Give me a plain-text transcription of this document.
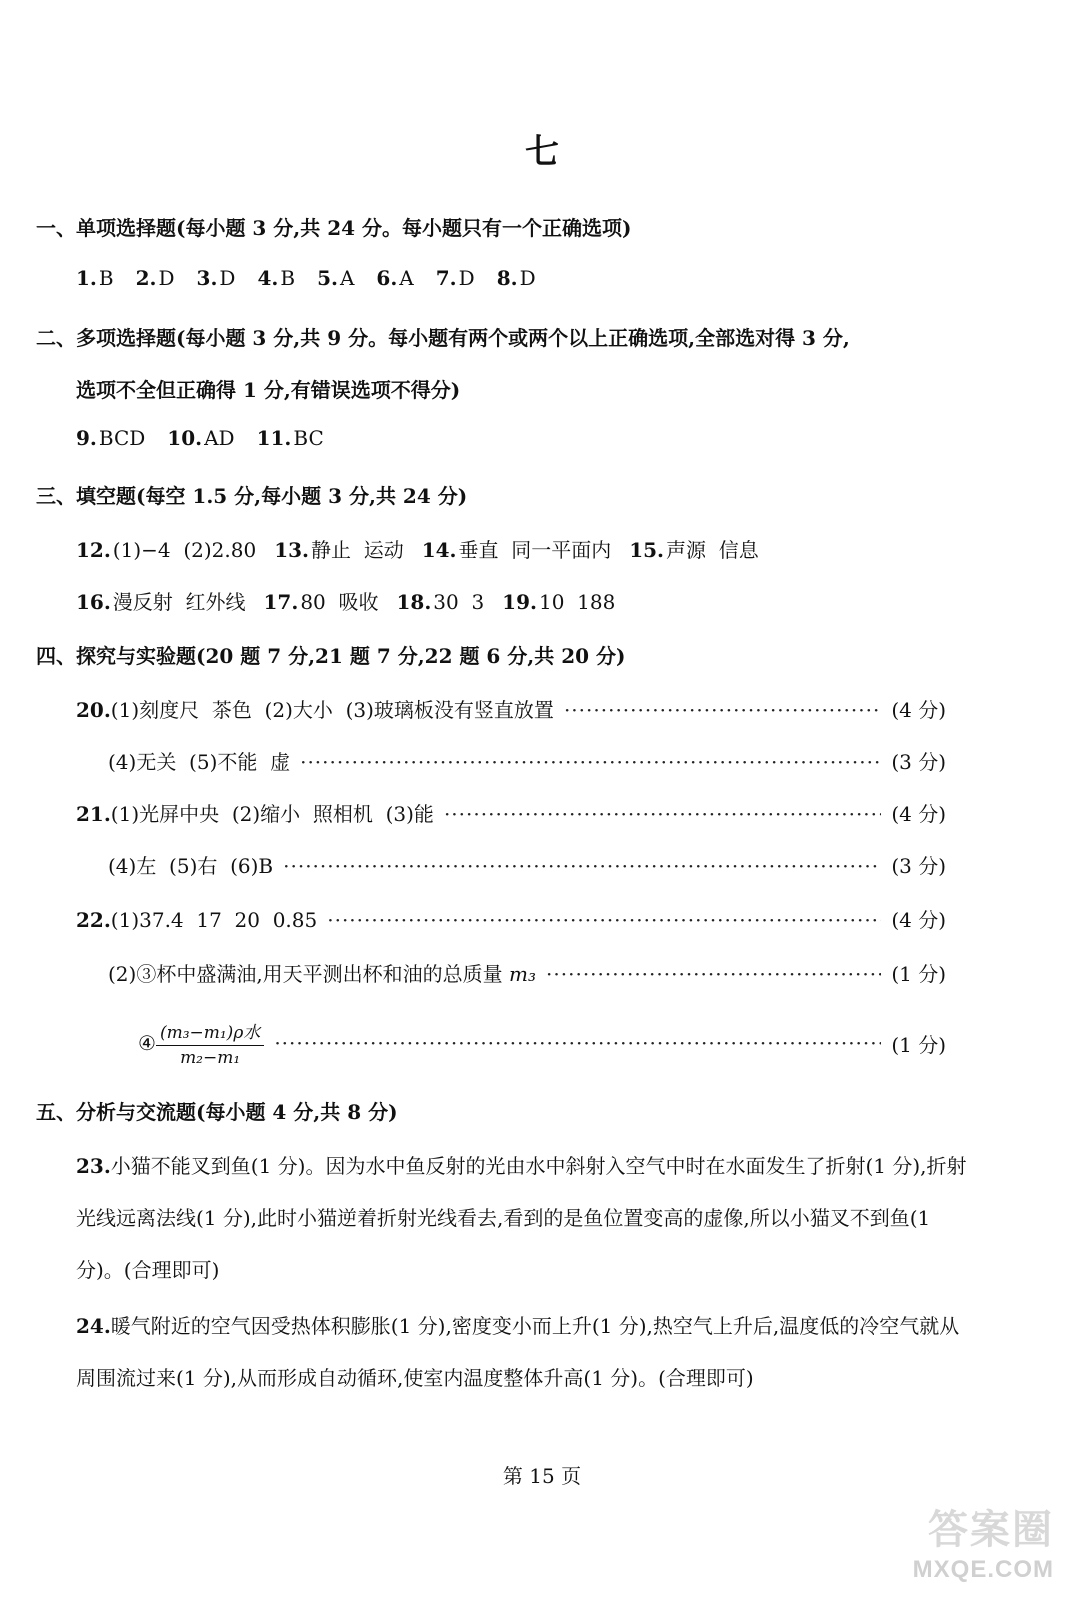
七
一、单项选择题(每小题 3 分,共 24 分。每小题只有一个正确选项)
1. B 2. D 3. D 4. B 5. A 6. A 7. D 8. D
二、多项选择题(每小题 3 分,共 9 分。每小题有两个或两个以上正确选项,全部选对得 3 分,
选项不全但正确得 1 分,有错误选项不得分)
9. BCD 10. AD 11. BC
三、填空题(每空 1.5 分,每小题 3 分,共 24 分)
12. (1)−4  (2)2.80 13. 静止  运动 14. 垂直  同一平面内 15. 声源  信息
16. 漫反射  红外线 17. 80  吸收 18. 30  3 19. 10  188
四、探究与实验题(20 题 7 分,21 题 7 分,22 题 6 分,共 20 分)
20.(1)刻度尺  茶色  (2)大小  (3)玻璃板没有竖直放置 ·····	(4 分)
(4)无关  (5)不能  虚 ·····	(3 分)
21.(1)光屏中央  (2)缩小  照相机  (3)能 ·····	(4 分)
(4)左  (5)右  (6)B ·····	(3 分)
22.(1)37.4  17  20  0.85 ·····	(4 分)
(2)③杯中盛满油,用天平测出杯和油的总质量 m₃ ·····	(1 分)
④ $\frac{\text{(m₃−m₁)ρ水}}{\text{m₂−m₁}}$ ·····	(1 分)
五、分析与交流题(每小题 4 分,共 8 分)
23.小猫不能叉到鱼(1 分)。因为水中鱼反射的光由水中斜射入空气中时在水面发生了折射(1 分),折射光线远离法线(1 分),此时小猫逆着折射光线看去,看到的是鱼位置变高的虚像,所以小猫叉不到鱼(1 分)。(合理即可)
24.暖气附近的空气因受热体积膨胀(1 分),密度变小而上升(1 分),热空气上升后,温度低的冷空气就从周围流过来(1 分),从而形成自动循环,使室内温度整体升高(1 分)。(合理即可)
第 15 页
答案圈
MXQE.COM
